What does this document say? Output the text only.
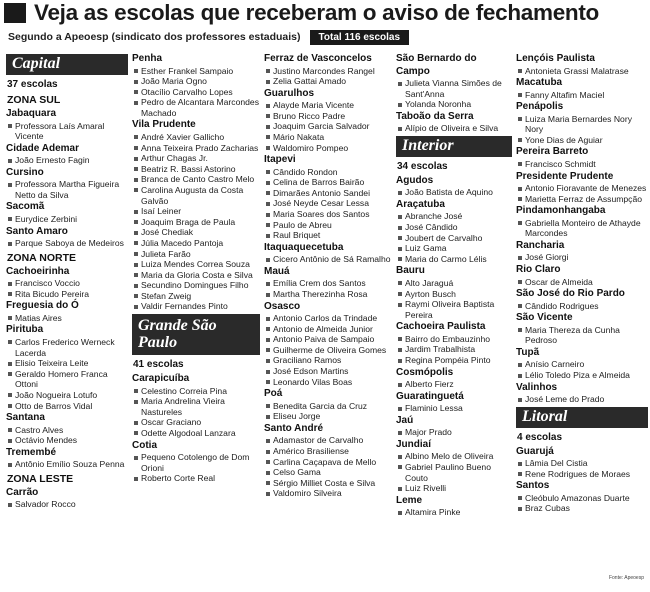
Veja as escolas que receberam o aviso de fechamento
Segundo a Apeoesp (sindicato dos professores estaduais)	Total 116 escolas
Capital
37 escolas
ZONA SUL
Jabaquara
Professora Laís Amaral Vicente
Cidade Ademar
João Ernesto Fagin
Cursino
Professora Martha Figueira Netto da Silva
Sacomã
Eurydice Zerbini
Santo Amaro
Parque Saboya de Medeiros
ZONA NORTE
Cachoeirinha
Francisco Voccio
Rita Bicudo Pereira
Freguesia do Ó
Matias Aires
Pirituba
Carlos Frederico Werneck Lacerda
Elisio Teixeira Leite
Geraldo Homero Franca Ottoni
João Nogueira Lotufo
Otto de Barros Vidal
Santana
Castro Alves
Octávio Mendes
Tremembé
Antônio Emílio Souza Penna
ZONA LESTE
Carrão
Salvador Rocco
Penha
Esther Frankel Sampaio
João Maria Ogno
Otacílio Carvalho Lopes
Pedro de Alcantara Marcondes Machado
Vila Prudente
André Xavier Gallicho
Anna Teixeira Prado Zacharias
Arthur Chagas Jr.
Beatriz R. Bassi Astorino
Branca de Canto Castro Melo
Carolina Augusta da Costa Galvão
Isaí Leiner
Joaquim Braga de Paula
José Chediak
Júlia Macedo Pantoja
Julieta Farão
Luiza Mendes Correa Souza
Maria da Gloria Costa e Silva
Secundino Domingues Filho
Stefan Zweig
Valdir Fernandes Pinto
Grande São Paulo
41 escolas
Carapicuíba
Celestino Correia Pina
Maria Andrelina Vieira Nastureles
Oscar Graciano
Odette Algodoal Lanzara
Cotia
Pequeno Cotolengo de Dom Orioni
Roberto Corte Real
Ferraz de Vasconcelos
Justino Marcondes Rangel
Zelia Gattai Amado
Guarulhos
Alayde Maria Vicente
Bruno Ricco Padre
Joaquim Garcia Salvador
Mário Nakata
Waldomiro Pompeo
Itapevi
Cândido Rondon
Celina de Barros Bairão
Dimarães Antonio Sandei
José Neyde Cesar Lessa
Maria Soares dos Santos
Paulo de Abreu
Raul Briquet
Itaquaquecetuba
Cicero Antônio de Sá Ramalho
Mauá
Emília Crem dos Santos
Martha Therezinha Rosa
Osasco
Antonio Carlos da Trindade
Antonio de Almeida Junior
Antonio Paiva de Sampaio
Guilherme de Oliveira Gomes
Graciliano Ramos
José Edson Martins
Leonardo Vilas Boas
Poá
Benedita Garcia da Cruz
Eliseu Jorge
Santo André
Adamastor de Carvalho
Américo Brasiliense
Carlina Caçapava de Mello
Celso Gama
Sérgio Milliet Costa e Silva
Valdomiro Silveira
São Bernardo do Campo
Julieta Vianna Simões de Sant'Anna
Yolanda Noronha
Taboão da Serra
Alípio de Oliveira e Silva
Interior
34 escolas
Agudos
João Batista de Aquino
Araçatuba
Abranche José
José Cândido
Joubert de Carvalho
Luiz Gama
Maria do Carmo Lélis
Bauru
Alto Jaraguá
Ayrton Busch
Raymi Oliveira Baptista Pereira
Cachoeira Paulista
Bairro do Embauzinho
Jardim Trabalhista
Regina Pompéia Pinto
Cosmópolis
Alberto Fierz
Guaratinguetá
Flaminio Lessa
Jaú
Major Prado
Jundiaí
Albino Melo de Oliveira
Gabriel Paulino Bueno Couto
Luiz Rivelli
Leme
Altamira Pinke
Lençóis Paulista
Antonieta Grassi Malatrase
Macatuba
Fanny Altafim Maciel
Penápolis
Luiza Maria Bernardes Nory Nory
Yone Dias de Aguiar
Pereira Barreto
Francisco Schmidt
Presidente Prudente
Antonio Fioravante de Menezes
Marietta Ferraz de Assumpção
Pindamonhangaba
Gabriella Monteiro de Athayde Marcondes
Rancharia
José Giorgi
Rio Claro
Oscar de Almeida
São José do Rio Pardo
Cândido Rodrigues
São Vicente
Maria Thereza da Cunha Pedroso
Tupã
Anísio Carneiro
Lélio Toledo Piza e Almeida
Valinhos
José Leme do Prado
Litoral
4 escolas
Guarujá
Lâmia Del Cistia
Rene Rodrigues de Moraes
Santos
Cleóbulo Amazonas Duarte
Braz Cubas
Fonte: Apeoesp
